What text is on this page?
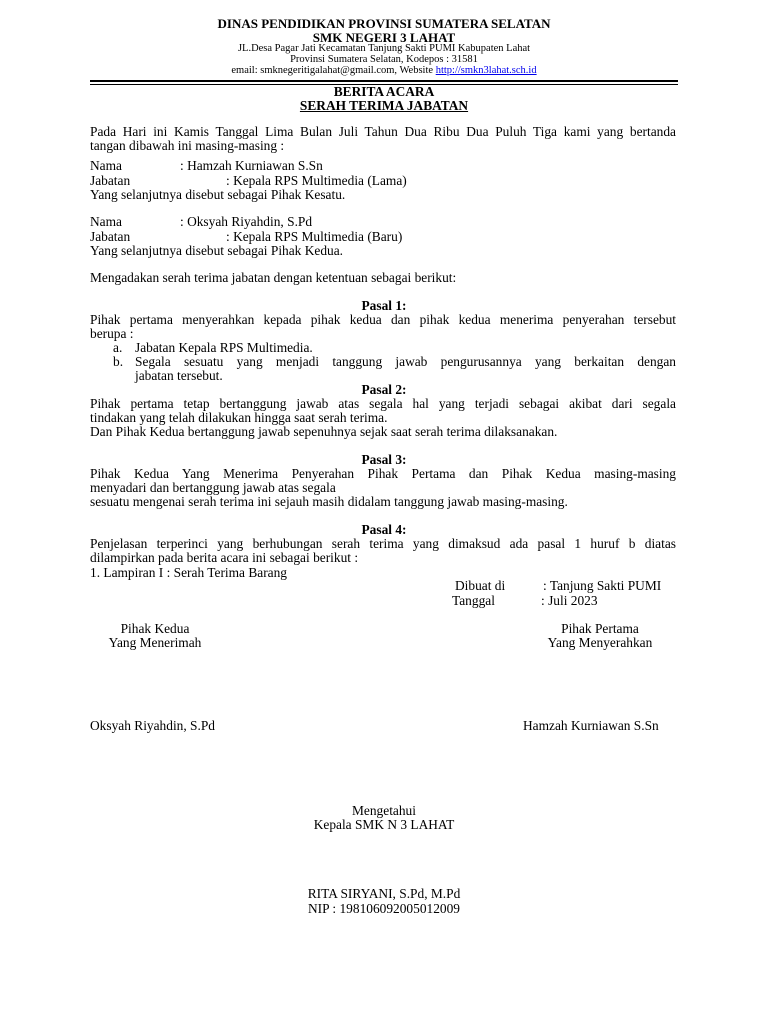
DINAS PENDIDIKAN PROVINSI SUMATERA SELATAN
SMK NEGERI 3 LAHAT
JL.Desa Pagar Jati Kecamatan Tanjung Sakti PUMI Kabupaten Lahat
Provinsi Sumatera Selatan, Kodepos : 31581
email: smknegeritigalahat@gmail.com, Website http://smkn3lahat.sch.id
BERITA ACARA
SERAH TERIMA JABATAN
Pada Hari ini Kamis Tanggal Lima Bulan Juli Tahun Dua Ribu Dua Puluh Tiga kami yang bertanda
tangan dibawah ini masing-masing :
Nama	: Hamzah Kurniawan S.Sn
Jabatan	: Kepala RPS Multimedia (Lama)
Yang selanjutnya disebut sebagai Pihak Kesatu.
Nama	: Oksyah Riyahdin, S.Pd
Jabatan	: Kepala RPS Multimedia (Baru)
Yang selanjutnya disebut sebagai Pihak Kedua.
Mengadakan serah terima jabatan dengan ketentuan sebagai berikut:
Pasal 1:
Pihak pertama menyerahkan kepada pihak kedua dan pihak kedua menerima penyerahan tersebut
berupa :
a. Jabatan Kepala RPS Multimedia.
b. Segala sesuatu yang menjadi tanggung jawab pengurusannya yang berkaitan dengan
jabatan tersebut.
Pasal 2:
Pihak pertama tetap bertanggung jawab atas segala hal yang terjadi sebagai akibat dari segala
tindakan yang telah dilakukan hingga saat serah terima.
Dan Pihak Kedua bertanggung jawab sepenuhnya sejak saat serah terima dilaksanakan.
Pasal 3:
Pihak Kedua Yang Menerima Penyerahan Pihak Pertama dan Pihak Kedua masing-masing
menyadari dan bertanggung jawab atas segala
sesuatu mengenai serah terima ini sejauh masih didalam tanggung jawab masing-masing.
Pasal 4:
Penjelasan terperinci yang berhubungan serah terima yang dimaksud ada pasal 1 huruf b diatas
dilampirkan pada berita acara ini sebagai berikut :
1. Lampiran I : Serah Terima Barang
Dibuat di	: Tanjung Sakti PUMI
Tanggal	: Juli 2023
Pihak Kedua
Yang Menerimah
Pihak Pertama
Yang Menyerahkan
Oksyah Riyahdin, S.Pd	Hamzah Kurniawan S.Sn
Mengetahui
Kepala SMK N 3 LAHAT
RITA SIRYANI, S.Pd, M.Pd
NIP : 198106092005012009
